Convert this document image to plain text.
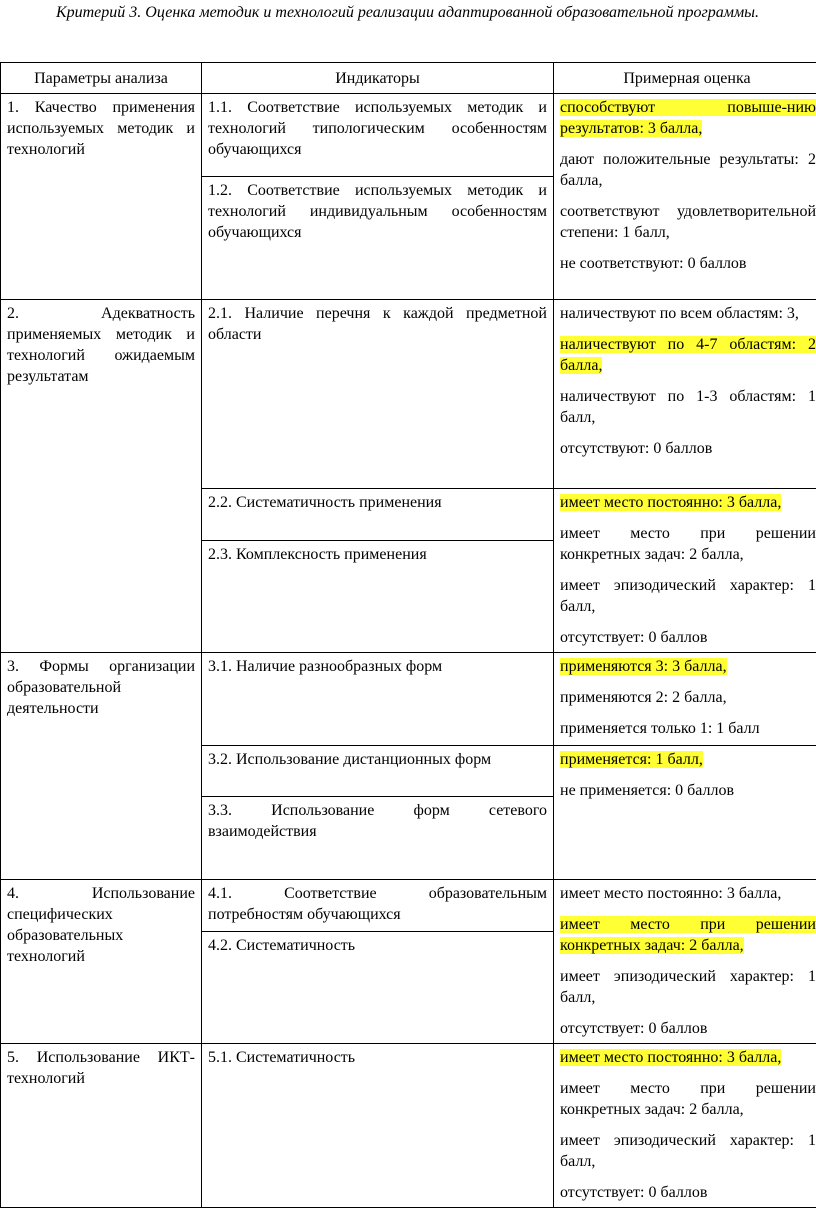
Критерий 3. Оценка методик и технологий реализации адаптированной образовательной программы.
Параметры анализа	Индикаторы	Примерная оценка

1. Качество применения используемых методик и технологий	1.1. Соответствие используемых методик и технологий типологическим особенностям обучающихся	способствуют повыше-нию результатов: 3 балла,
дают положительные результаты: 2 балла,
соответствуют удовлетворительной степени: 1 балл,
не соответствуют: 0 баллов

	1.2. Соответствие используемых методик и технологий индивидуальным особенностям обучающихся	

2. Адекватность применяемых методик и технологий ожидаемым результатам	2.1. Наличие перечня к каждой предметной области	наличествуют по всем областям: 3,
наличествуют по 4-7 областям: 2 балла,
наличествуют по 1-3 областям: 1 балл,
отсутствуют: 0 баллов

	2.2. Систематичность применения	имеет место постоянно: 3 балла,
имеет место при решении конкретных задач: 2 балла,
имеет эпизодический характер: 1 балл,
отсутствует: 0 баллов

	2.3. Комплексность применения	

3. Формы организации образовательной деятельности	3.1. Наличие разнообразных форм	применяются 3: 3 балла,
применяются 2: 2 балла,
применяется только 1: 1 балл

	3.2. Использование дистанционных форм	применяется: 1 балл,
не применяется: 0 баллов

	3.3. Использование форм сетевого взаимодействия	

4. Использование специфических образовательных технологий	4.1. Соответствие образовательным потребностям обучающихся	имеет место постоянно: 3 балла,
имеет место при решении конкретных задач: 2 балла,
имеет эпизодический характер: 1 балл,
отсутствует: 0 баллов

	4.2. Систематичность	

5. Использование ИКТ-технологий	5.1. Систематичность	имеет место постоянно: 3 балла,
имеет место при решении конкретных задач: 2 балла,
имеет эпизодический характер: 1 балл,
отсутствует: 0 баллов
